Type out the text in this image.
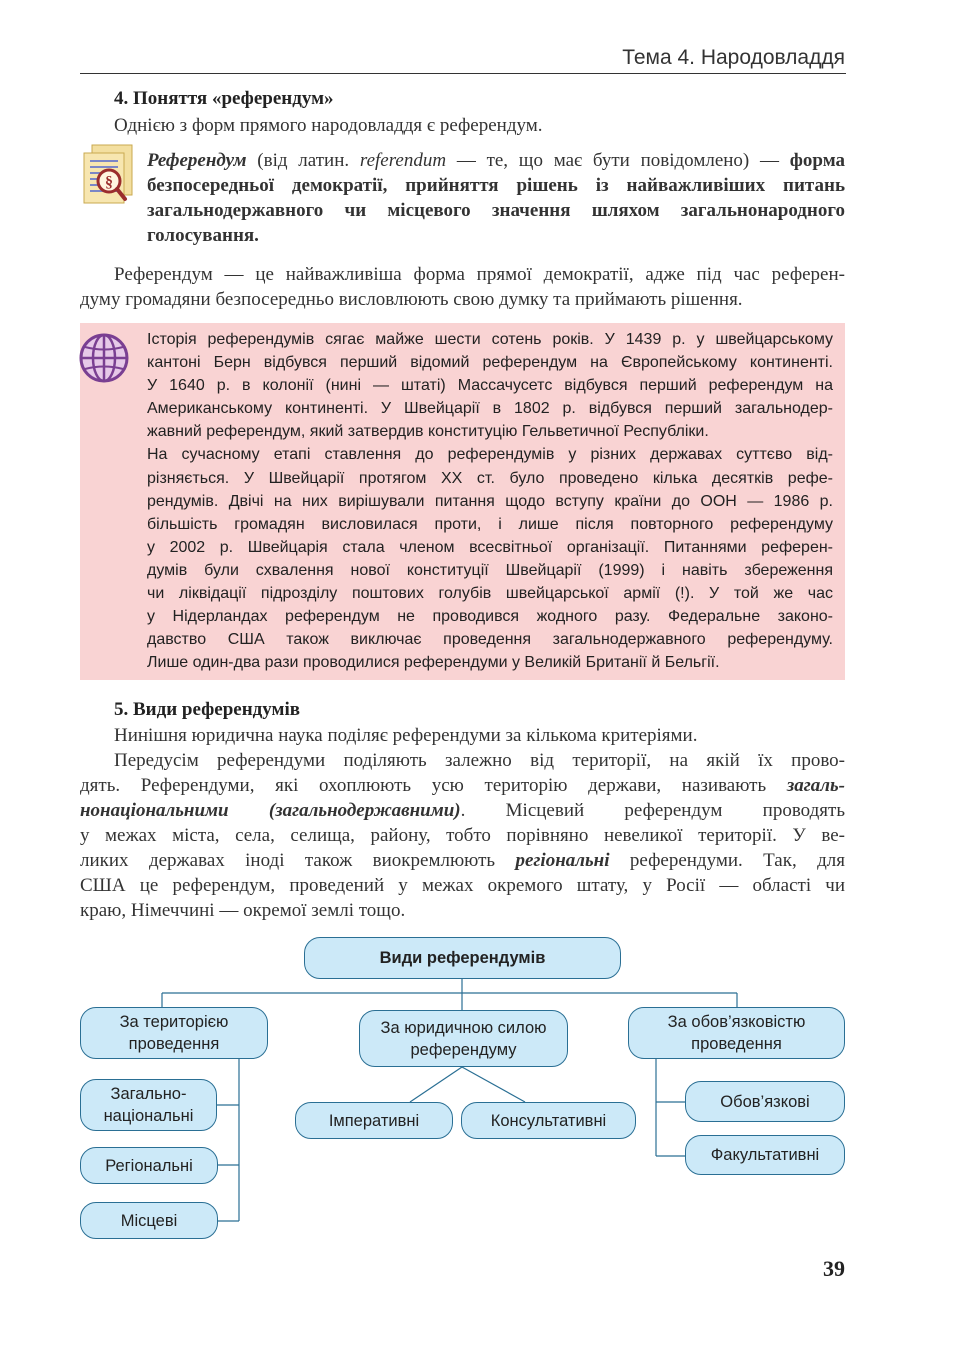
Тема 4. Народовладдя
4. Поняття «референдум»
Однією з форм прямого народовладдя є референдум.
§
Референдум (від латин. referendum — те, що має бути повідомлено) — форма безпосередньої демократії, прийняття рішень із найважливіших питань загальнодержавного чи місцевого значення шляхом загальнонародного голосування.
Референдум — це найважливіша форма прямої демократії, адже під час референ-
думу громадяни безпосередньо висловлюють свою думку та приймають рішення.
Історія референдумів сягає майже шести сотень років. У 1439 р. у швейцарському
кантоні Берн відбувся перший відомий референдум на Європейському континенті.
У 1640 р. в колонії (нині — штаті) Массачусетс відбувся перший референдум на
Американському континенті. У Швейцарії в 1802 р. відбувся перший загальнодер-
жавний референдум, який затвердив конституцію Гельветичної Республіки.
На сучасному етапі ставлення до референдумів у різних державах суттєво від-
різняється. У Швейцарії протягом XX ст. було проведено кілька десятків рефе-
рендумів. Двічі на них вирішували питання щодо вступу країни до ООН — 1986 р.
більшість громадян висловилася проти, і лише після повторного референдуму
у 2002 р. Швейцарія стала членом всесвітньої організації. Питаннями референ-
думів були схвалення нової конституції Швейцарії (1999) і навіть збереження
чи ліквідації підрозділу поштових голубів швейцарської армії (!). У той же час
у Нідерландах референдум не проводився жодного разу. Федеральне законо-
давство США також виключає проведення загальнодержавного референдуму.
Лише один-два рази проводилися референдуми у Великій Британії й Бельгії.
5. Види референдумів
Нинішня юридична наука поділяє референдуми за кількома критеріями.
Передусім референдуми поділяють залежно від території, на якій їх прово-
дять. Референдуми, які охоплюють усю територію держави, називають загаль-
нонаціональними (загальнодержавними). Місцевий референдум проводять
у межах міста, села, селища, району, тобто порівняно невеликої території. У ве-
ликих державах іноді також виокремлюють регіональні референдуми. Так, для
США це референдум, проведений у межах окремого штату, у Росії — області чи
краю, Німеччині — окремої землі тощо.
Види референдумів
За територією проведення
За юридичною силою референдуму
За обов’язковістю проведення
Загально-національні
Регіональні
Місцеві
Імперативні	Консультативні
Обов’язкові
Факультативні
39
